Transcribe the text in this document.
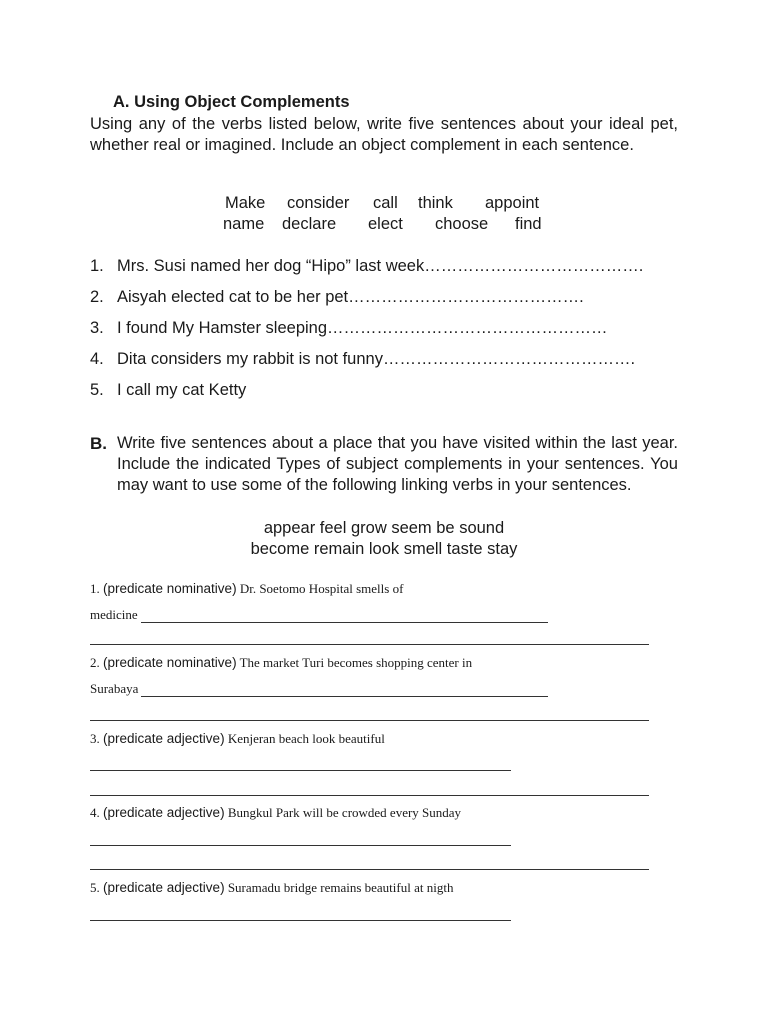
A. Using Object Complements
Using any of the verbs listed below, write five sentences about your ideal pet, whether real or imagined. Include an object complement in each sentence.
Make consider call think appoint
name declare elect choose find
1. Mrs. Susi named her dog “Hipo” last week………………………………….
2. Aisyah elected cat to be her pet…………………………………….
3. I found My Hamster sleeping……………………………………………
4. Dita considers my rabbit is not funny……………………………………….
5. I call my cat Ketty
B. Write five sentences about a place that you have visited within the last year. Include the indicated Types of subject complements in your sentences. You may want to use some of the following linking verbs in your sentences.
appear feel grow seem be sound
become remain look smell taste stay
1. (predicate nominative) Dr. Soetomo Hospital smells of
medicine
2. (predicate nominative) The market Turi becomes shopping center in
Surabaya
3. (predicate adjective) Kenjeran beach look beautiful
4. (predicate adjective) Bungkul Park will be crowded every Sunday
5. (predicate adjective) Suramadu bridge remains beautiful at nigth
